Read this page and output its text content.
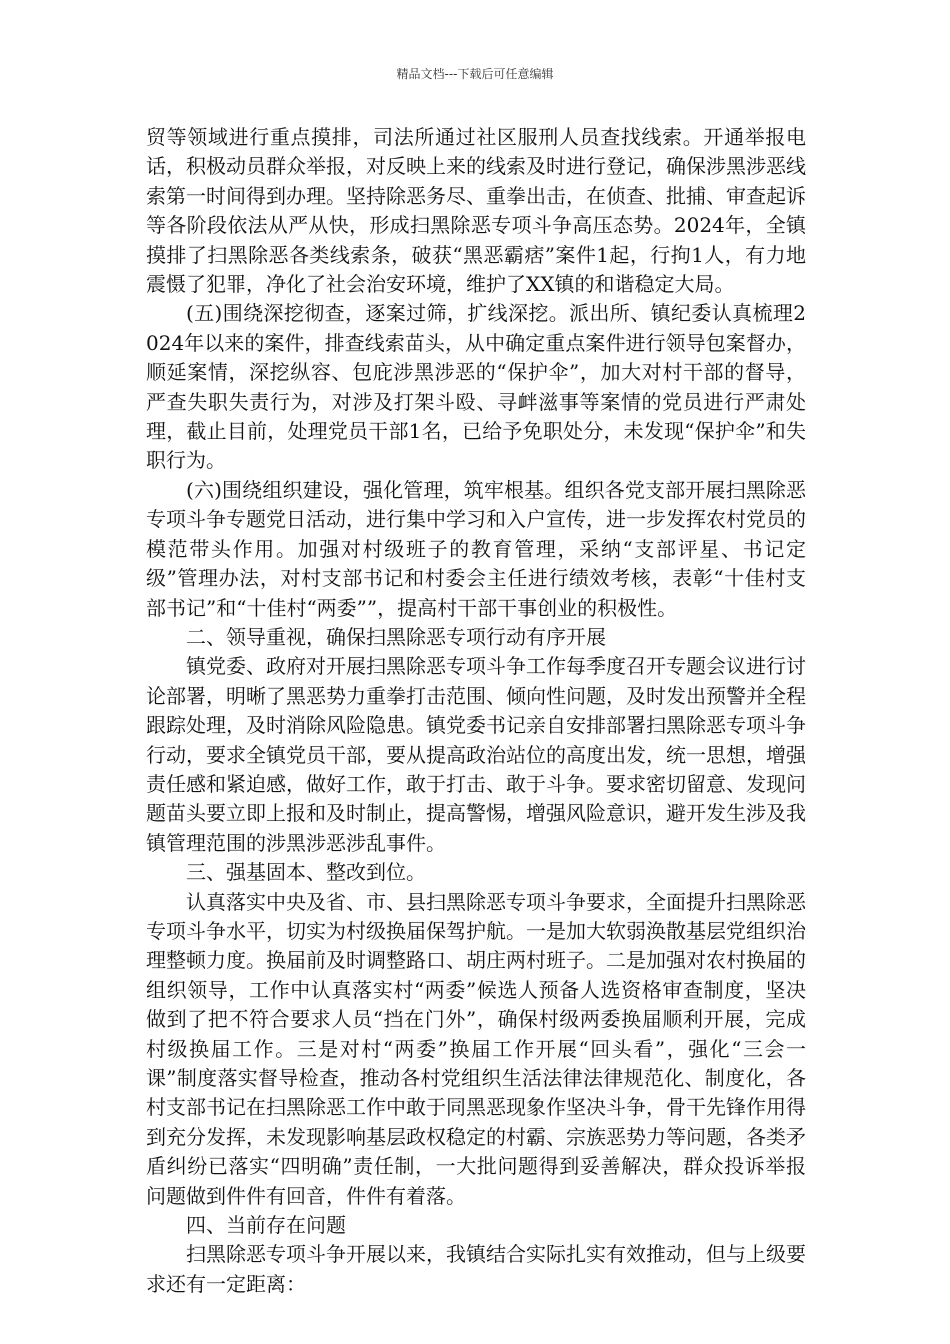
精品文档---下载后可任意编辑

贸等领域进行重点摸排，司法所通过社区服刑人员查找线索。开通举报电话，积极动员群众举报，对反映上来的线索及时进行登记，确保涉黑涉恶线索第一时间得到办理。坚持除恶务尽、重拳出击，在侦查、批捕、审查起诉等各阶段依法从严从快，形成扫黑除恶专项斗争高压态势。2024年，全镇摸排了扫黑除恶各类线索条，破获“黑恶霸痞”案件1起，行拘1人，有力地震慑了犯罪，净化了社会治安环境，维护了XX镇的和谐稳定大局。

(五)围绕深挖彻查，逐案过筛，扩线深挖。派出所、镇纪委认真梳理2024年以来的案件，排查线索苗头，从中确定重点案件进行领导包案督办，顺延案情，深挖纵容、包庇涉黑涉恶的“保护伞”，加大对村干部的督导，严查失职失责行为，对涉及打架斗殴、寻衅滋事等案情的党员进行严肃处理，截止目前，处理党员干部1名，已给予免职处分，未发现“保护伞”和失职行为。

(六)围绕组织建设，强化管理，筑牢根基。组织各党支部开展扫黑除恶专项斗争专题党日活动，进行集中学习和入户宣传，进一步发挥农村党员的模范带头作用。加强对村级班子的教育管理，采纳“支部评星、书记定级”管理办法，对村支部书记和村委会主任进行绩效考核，表彰“十佳村支部书记”和“十佳村“两委””，提高村干部干事创业的积极性。

二、领导重视，确保扫黑除恶专项行动有序开展

镇党委、政府对开展扫黑除恶专项斗争工作每季度召开专题会议进行讨论部署，明晰了黑恶势力重拳打击范围、倾向性问题，及时发出预警并全程跟踪处理，及时消除风险隐患。镇党委书记亲自安排部署扫黑除恶专项斗争行动，要求全镇党员干部，要从提高政治站位的高度出发，统一思想，增强责任感和紧迫感，做好工作，敢于打击、敢于斗争。要求密切留意、发现问题苗头要立即上报和及时制止，提高警惕，增强风险意识，避开发生涉及我镇管理范围的涉黑涉恶涉乱事件。

三、强基固本、整改到位。

认真落实中央及省、市、县扫黑除恶专项斗争要求，全面提升扫黑除恶专项斗争水平，切实为村级换届保驾护航。一是加大软弱涣散基层党组织治理整顿力度。换届前及时调整路口、胡庄两村班子。二是加强对农村换届的组织领导，工作中认真落实村“两委”候选人预备人选资格审查制度，坚决做到了把不符合要求人员“挡在门外”，确保村级两委换届顺利开展，完成村级换届工作。三是对村“两委”换届工作开展“回头看”，强化“三会一课”制度落实督导检查，推动各村党组织生活法律法律规范化、制度化，各村支部书记在扫黑除恶工作中敢于同黑恶现象作坚决斗争，骨干先锋作用得到充分发挥，未发现影响基层政权稳定的村霸、宗族恶势力等问题，各类矛盾纠纷已落实“四明确”责任制，一大批问题得到妥善解决，群众投诉举报问题做到件件有回音，件件有着落。

四、当前存在问题

扫黑除恶专项斗争开展以来，我镇结合实际扎实有效推动，但与上级要求还有一定距离：
